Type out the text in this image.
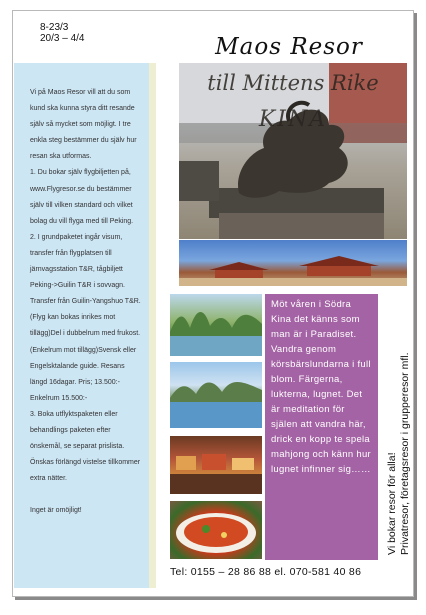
8-23/3
20/3 – 4/4	Maos Resor

Vi på Maos Resor vill att du som kund ska kunna styra ditt resande själv så mycket som möjligt. I tre enkla steg bestämmer du själv hur resan ska utformas.

1. Du bokar själv flygbiljetten på, www.Flygresor.se du bestämmer själv till vilken standard och vilket bolag du vill flyga med till Peking.

2. I grundpaketet ingår visum, transfer från flygplatsen till järnvagsstation T&R, tågbiljett Peking->Guilin T&R i sovvagn. Transfer från Guilin-Yangshuo T&R. (Flyg kan bokas inrikes mot tillägg)Del i dubbelrum med frukost.(Enkelrum mot tillägg)Svensk eller Engelsktalande guide. Resans längd 16dagar. Pris; 13.500:- Enkelrum 15.500:-

3. Boka utflyktspaketen eller behandlings paketen efter önskemål, se separat prislista. Önskas förlängd vistelse tillkommer extra nätter.

Inget är omöjligt!

till Mittens Rike
KINA

Möt våren i Södra Kina det känns som man är i Paradiset. Vandra genom körsbärslundarna i full blom. Färgerna, lukterna, lugnet. Det är meditation för själen att vandra här, drick en kopp te spela mahjong och känn hur lugnet infinner sig…… Vi bokar resor för alla! Privatresor, företagsresor i grupperesor mfl.
Tel: 0155 – 28 86 88 el. 070-581 40 86
